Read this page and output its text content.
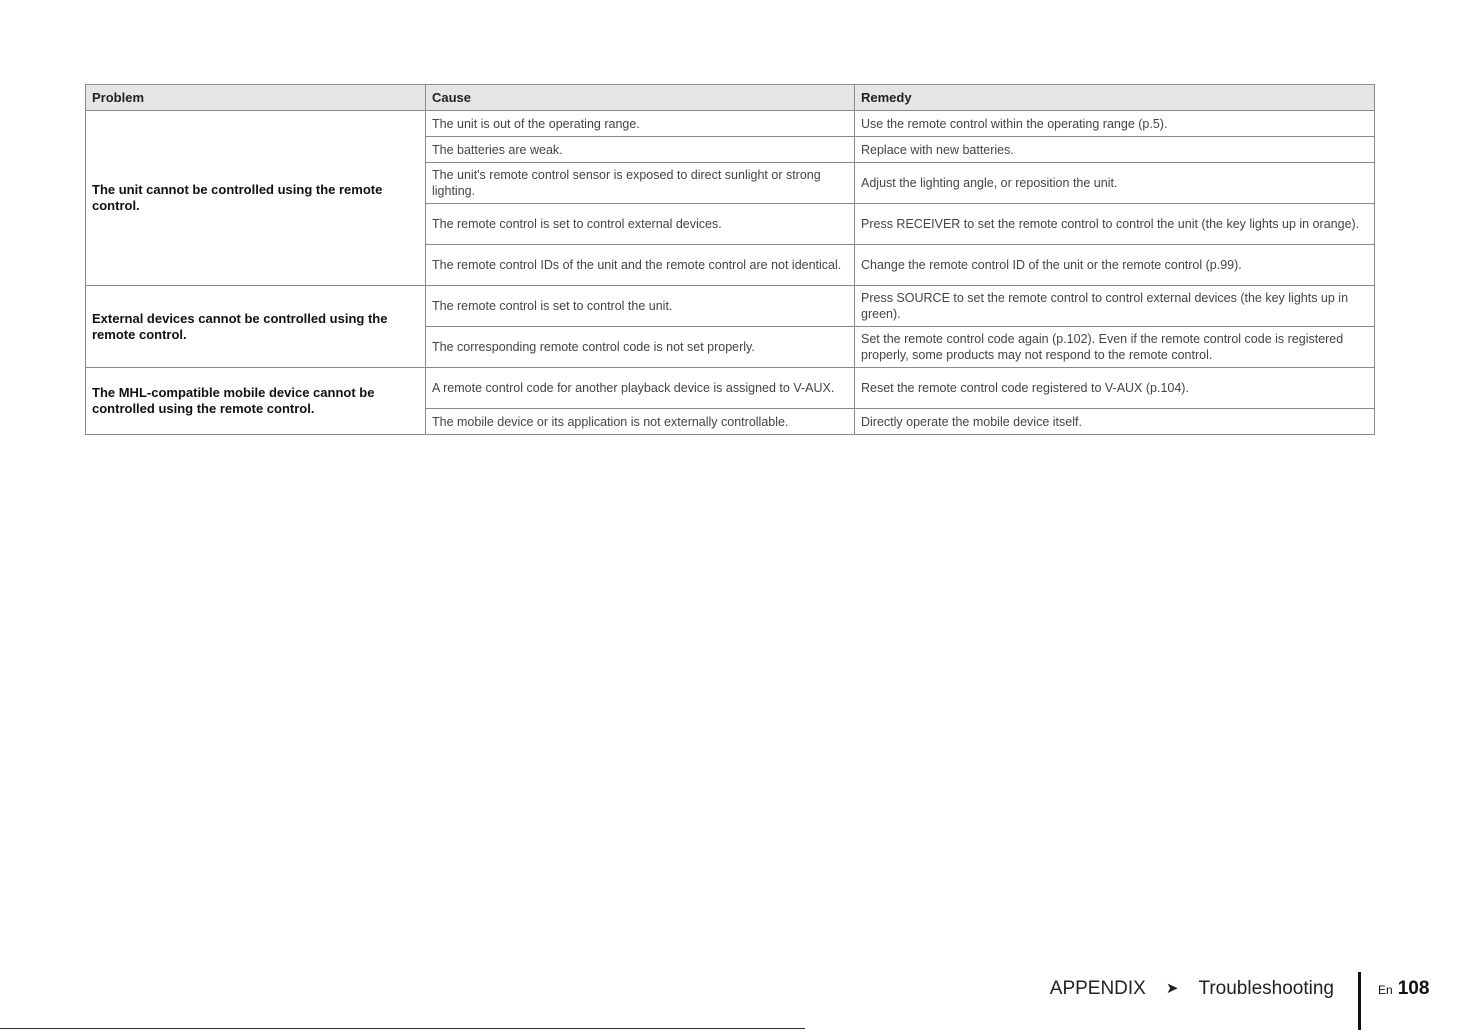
Problem	Cause	Remedy
The unit cannot be controlled using the remote control.	The unit is out of the operating range.	Use the remote control within the operating range (p.5).
	The batteries are weak.	Replace with new batteries.
	The unit's remote control sensor is exposed to direct sunlight or strong lighting.	Adjust the lighting angle, or reposition the unit.
	The remote control is set to control external devices.	Press RECEIVER to set the remote control to control the unit (the key lights up in orange).
	The remote control IDs of the unit and the remote control are not identical.	Change the remote control ID of the unit or the remote control (p.99).
External devices cannot be controlled using the remote control.	The remote control is set to control the unit.	Press SOURCE to set the remote control to control external devices (the key lights up in green).
	The corresponding remote control code is not set properly.	Set the remote control code again (p.102). Even if the remote control code is registered properly, some products may not respond to the remote control.
The MHL-compatible mobile device cannot be controlled using the remote control.	A remote control code for another playback device is assigned to V-AUX.	Reset the remote control code registered to V-AUX (p.104).
	The mobile device or its application is not externally controllable.	Directly operate the mobile device itself.
APPENDIX ➤ Troubleshooting	En 108
